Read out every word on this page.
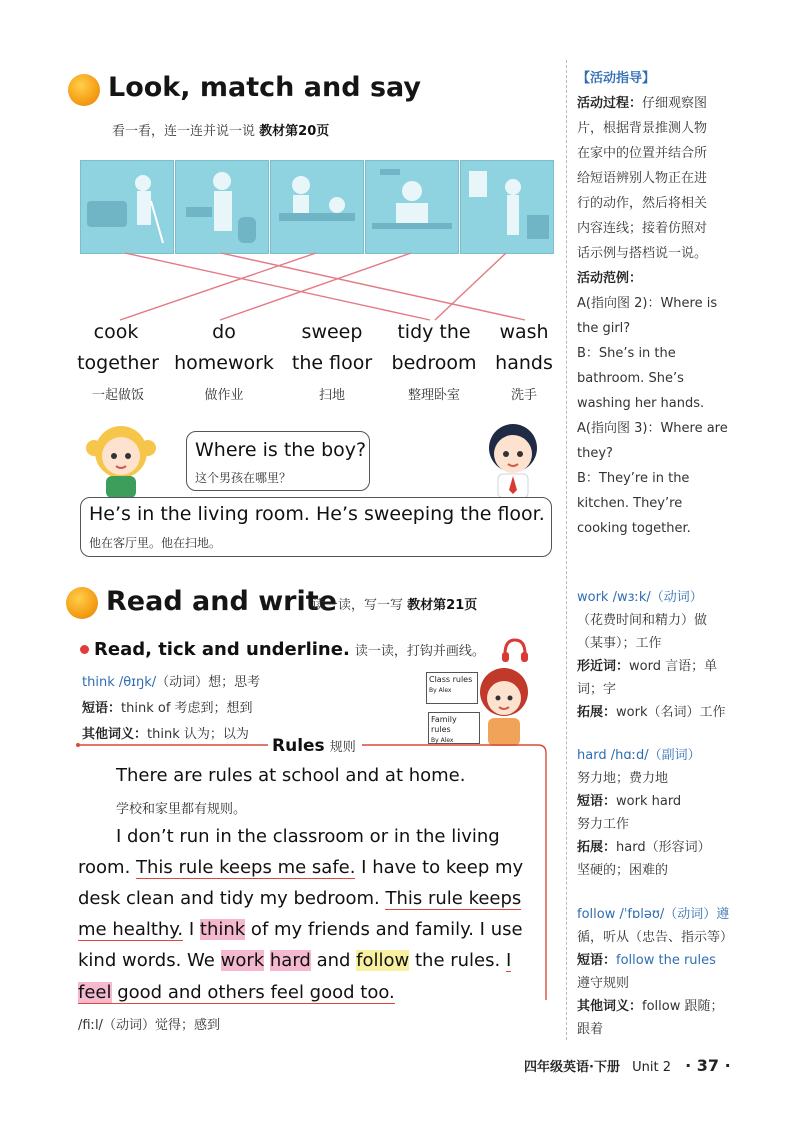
Look, match and say
看一看，连一连并说一说 教材第20页
cook
together
一起做饭
do
homework
做作业
sweep
the floor
扫地
tidy the
bedroom
整理卧室
wash
hands
洗手
Where is the boy?
这个男孩在哪里？
He’s in the living room. He’s sweeping the floor.
他在客厅里。他在扫地。
Read and write
读一读，写一写 教材第21页
Read, tick and underline. 读一读，打钩并画线。
think /θɪŋk/（动词）想；思考
短语：think of 考虑到；想到
其他词义：think 认为；以为
Class rules
By Alex
Family rules
By Alex
Rules 规则
There are rules at school and at home.
学校和家里都有规则。
I don’t run in the classroom or in the living
room. This rule keeps me safe. I have to keep my
desk clean and tidy my bedroom. This rule keeps
me healthy. I think of my friends and family. I use
kind words. We work hard and follow the rules. I
feel good and others feel good too.
/fiːl/（动词）觉得；感到
【活动指导】
活动过程：仔细观察图
片，根据背景推测人物
在家中的位置并结合所
给短语辨别人物正在进
行的动作，然后将相关
内容连线；接着仿照对
话示例与搭档说一说。
活动范例：
A(指向图 2)：Where is
the girl?
B：She’s in the
bathroom. She’s
washing her hands.
A(指向图 3)：Where are
they?
B：They’re in the
kitchen. They’re
cooking together.
work /wɜːk/（动词）
（花费时间和精力）做
（某事）；工作
形近词：word 言语；单
词；字
拓展：work（名词）工作
hard /hɑːd/（副词）
努力地；费力地
短语：work hard
努力工作
拓展：hard（形容词）
坚硬的；困难的
follow /ˈfɒləʊ/（动词）遵
循，听从（忠告、指示等）
短语：follow the rules
遵守规则
其他词义：follow 跟随；
跟着
四年级英语·下册 Unit 2 · 37 ·
